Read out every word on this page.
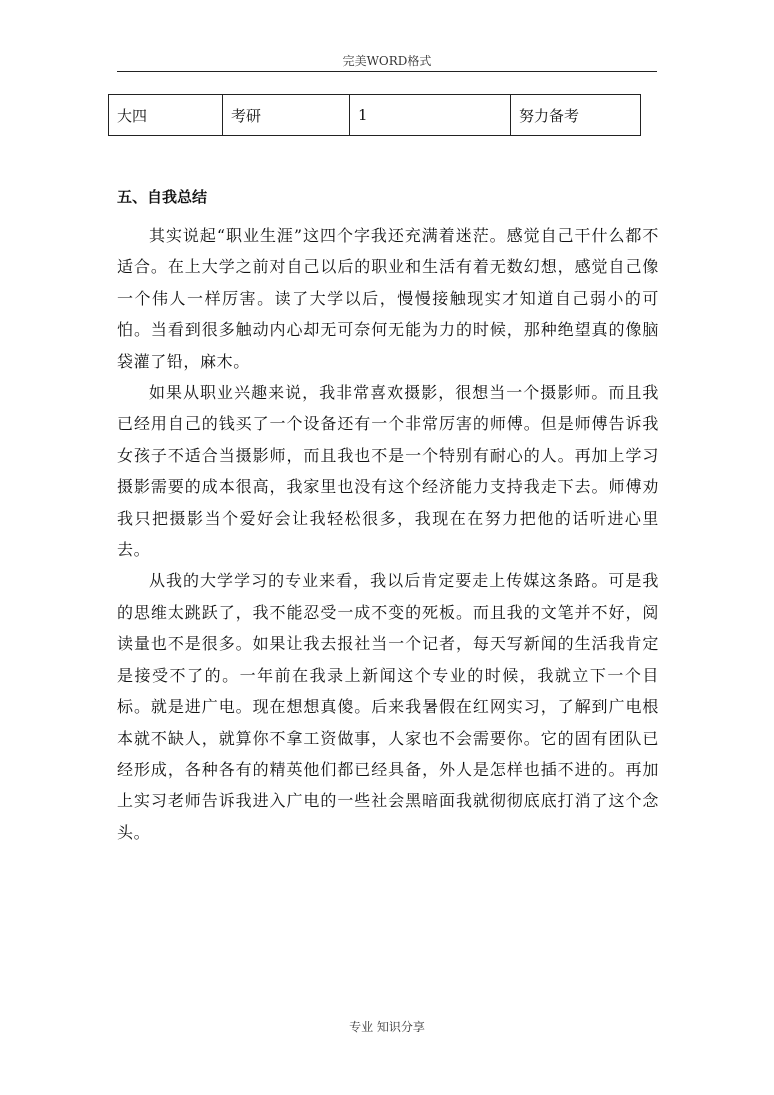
完美WORD格式
大四	考研	1	努力备考
五、自我总结

其实说起“职业生涯”这四个字我还充满着迷茫。感觉自己干什么都不适合。在上大学之前对自己以后的职业和生活有着无数幻想，感觉自己像一个伟人一样厉害。读了大学以后，慢慢接触现实才知道自己弱小的可怕。当看到很多触动内心却无可奈何无能为力的时候，那种绝望真的像脑袋灌了铅，麻木。

如果从职业兴趣来说，我非常喜欢摄影，很想当一个摄影师。而且我已经用自己的钱买了一个设备还有一个非常厉害的师傅。但是师傅告诉我女孩子不适合当摄影师，而且我也不是一个特别有耐心的人。再加上学习摄影需要的成本很高，我家里也没有这个经济能力支持我走下去。师傅劝我只把摄影当个爱好会让我轻松很多，我现在在努力把他的话听进心里去。

从我的大学学习的专业来看，我以后肯定要走上传媒这条路。可是我的思维太跳跃了，我不能忍受一成不变的死板。而且我的文笔并不好，阅读量也不是很多。如果让我去报社当一个记者，每天写新闻的生活我肯定是接受不了的。一年前在我录上新闻这个专业的时候，我就立下一个目标。就是进广电。现在想想真傻。后来我暑假在红网实习，了解到广电根本就不缺人，就算你不拿工资做事，人家也不会需要你。它的固有团队已经形成，各种各有的精英他们都已经具备，外人是怎样也插不进的。再加上实习老师告诉我进入广电的一些社会黑暗面我就彻彻底底打消了这个念头。

专业 知识分享
